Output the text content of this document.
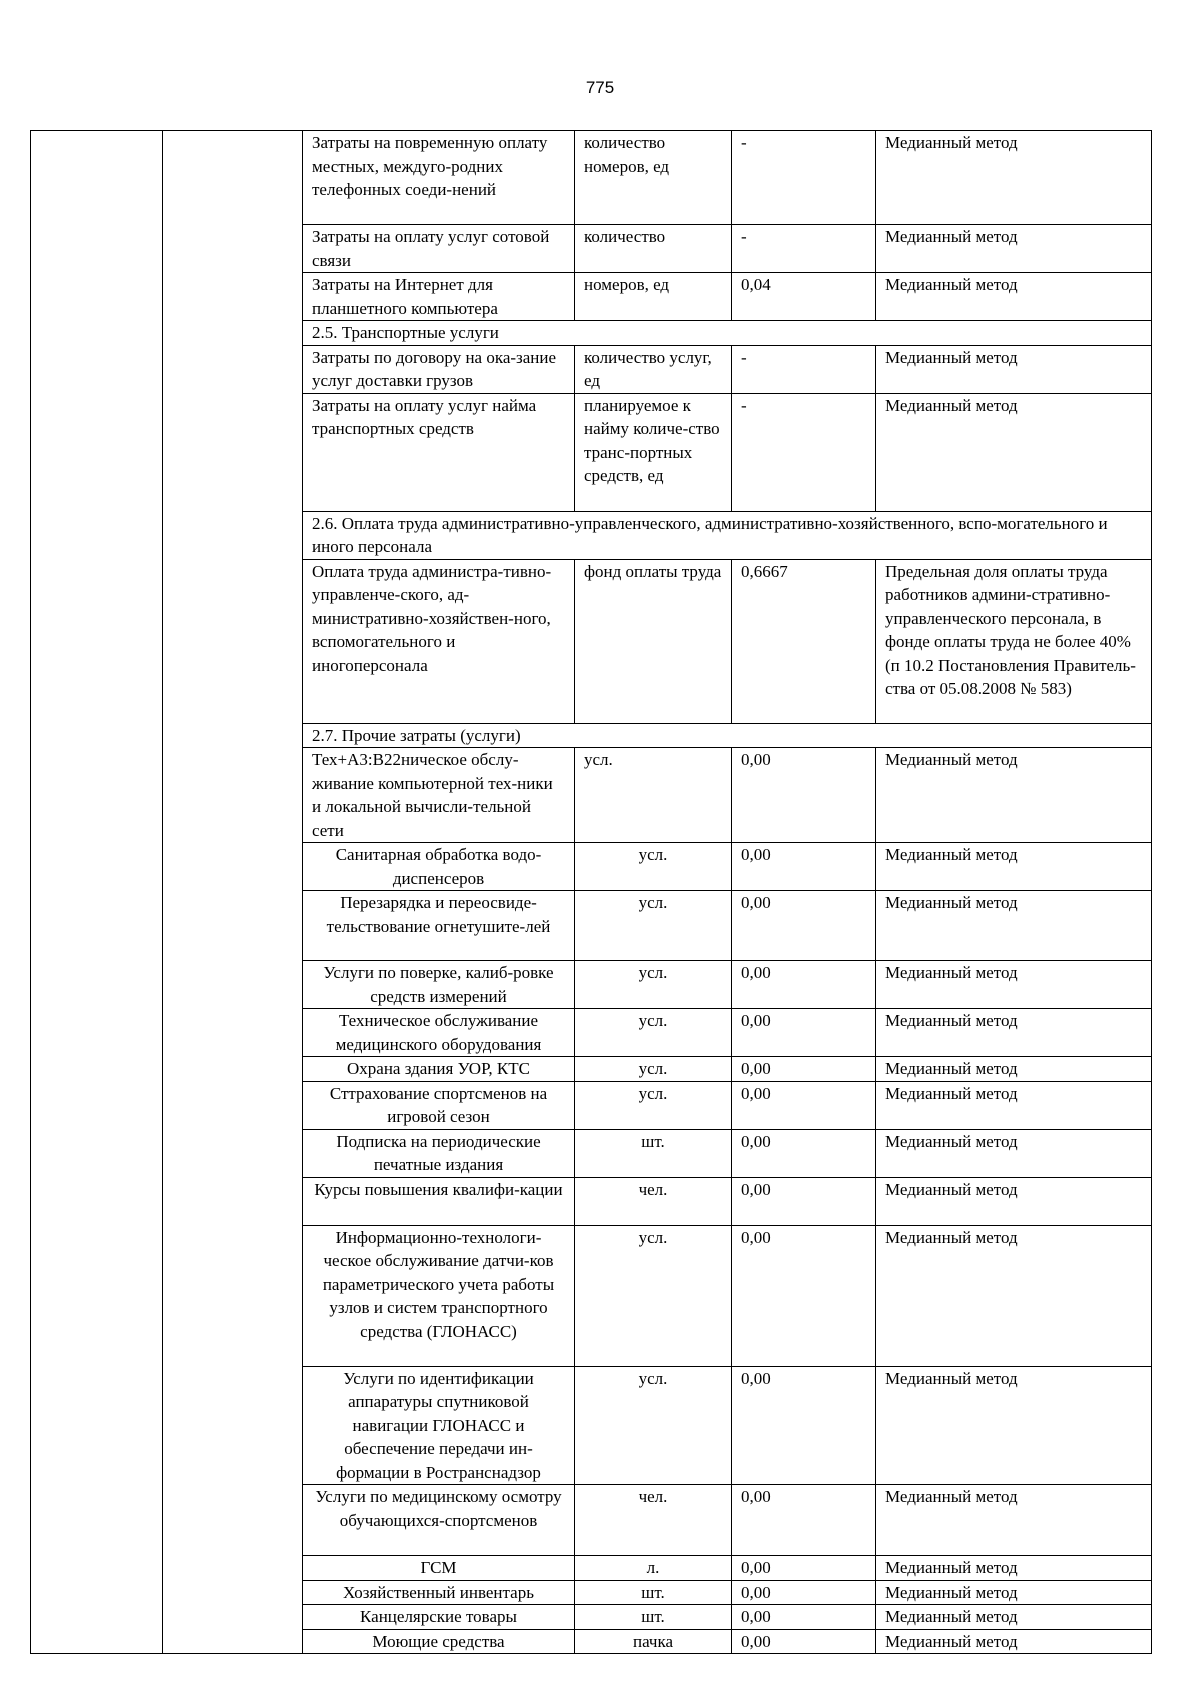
775
Затраты на повременную оплату местных, междуго-родних телефонных соеди-нений	количество номеров, ед	-	Медианный метод
Затраты на оплату услуг сотовой связи	количество	-	Медианный метод
Затраты на Интернет для планшетного компьютера	номеров, ед	0,04	Медианный метод
2.5. Транспортные услуги			
Затраты по договору на ока-зание услуг доставки грузов	количество услуг, ед	-	Медианный метод
Затраты на оплату услуг найма транспортных средств	планируемое к найму количе-ство транс-портных средств, ед	-	Медианный метод
2.6. Оплата труда административно-управленческого, административно-хозяйственного, вспо-могательного и иного персонала			
Оплата труда администра-тивно-управленче-ского, ад-министративно-хозяйствен-ного, вспомогательного и иногоперсонала	фонд оплаты труда	0,6667	Предельная доля оплаты труда работников админи-стративно-управленческого персонала, в фонде оплаты труда не более 40% (п 10.2 Постановления Правитель-ства от 05.08.2008 № 583)
2.7. Прочие затраты (услуги)			
Тех+A3:B22ническое обслу-живание компьютерной тех-ники и локальной вычисли-тельной сети	усл.	0,00	Медианный метод
Санитарная обработка водо-диспенсеров	усл.	0,00	Медианный метод
Перезарядка и переосвиде-тельствование огнетушите-лей	усл.	0,00	Медианный метод
Услуги по поверке, калиб-ровке средств измерений	усл.	0,00	Медианный метод
Техническое обслуживание медицинского оборудования	усл.	0,00	Медианный метод
Охрана здания УОР, КТС	усл.	0,00	Медианный метод
Сттрахование спортсменов на игровой сезон	усл.	0,00	Медианный метод
Подписка на периодические печатные издания	шт.	0,00	Медианный метод
Курсы повышения квалифи-кации	чел.	0,00	Медианный метод
Информационно-технологи-ческое обслуживание датчи-ков параметрического учета работы узлов и систем транспортного средства (ГЛОНАСС)	усл.	0,00	Медианный метод
Услуги по идентификации аппаратуры спутниковой навигации ГЛОНАСС и обеспечение передачи ин-формации в Ространснадзор	усл.	0,00	Медианный метод
Услуги по медицинскому осмотру обучающихся-спортсменов	чел.	0,00	Медианный метод
ГСМ	л.	0,00	Медианный метод
Хозяйственный инвентарь	шт.	0,00	Медианный метод
Канцелярские товары	шт.	0,00	Медианный метод
Моющие средства	пачка	0,00	Медианный метод
